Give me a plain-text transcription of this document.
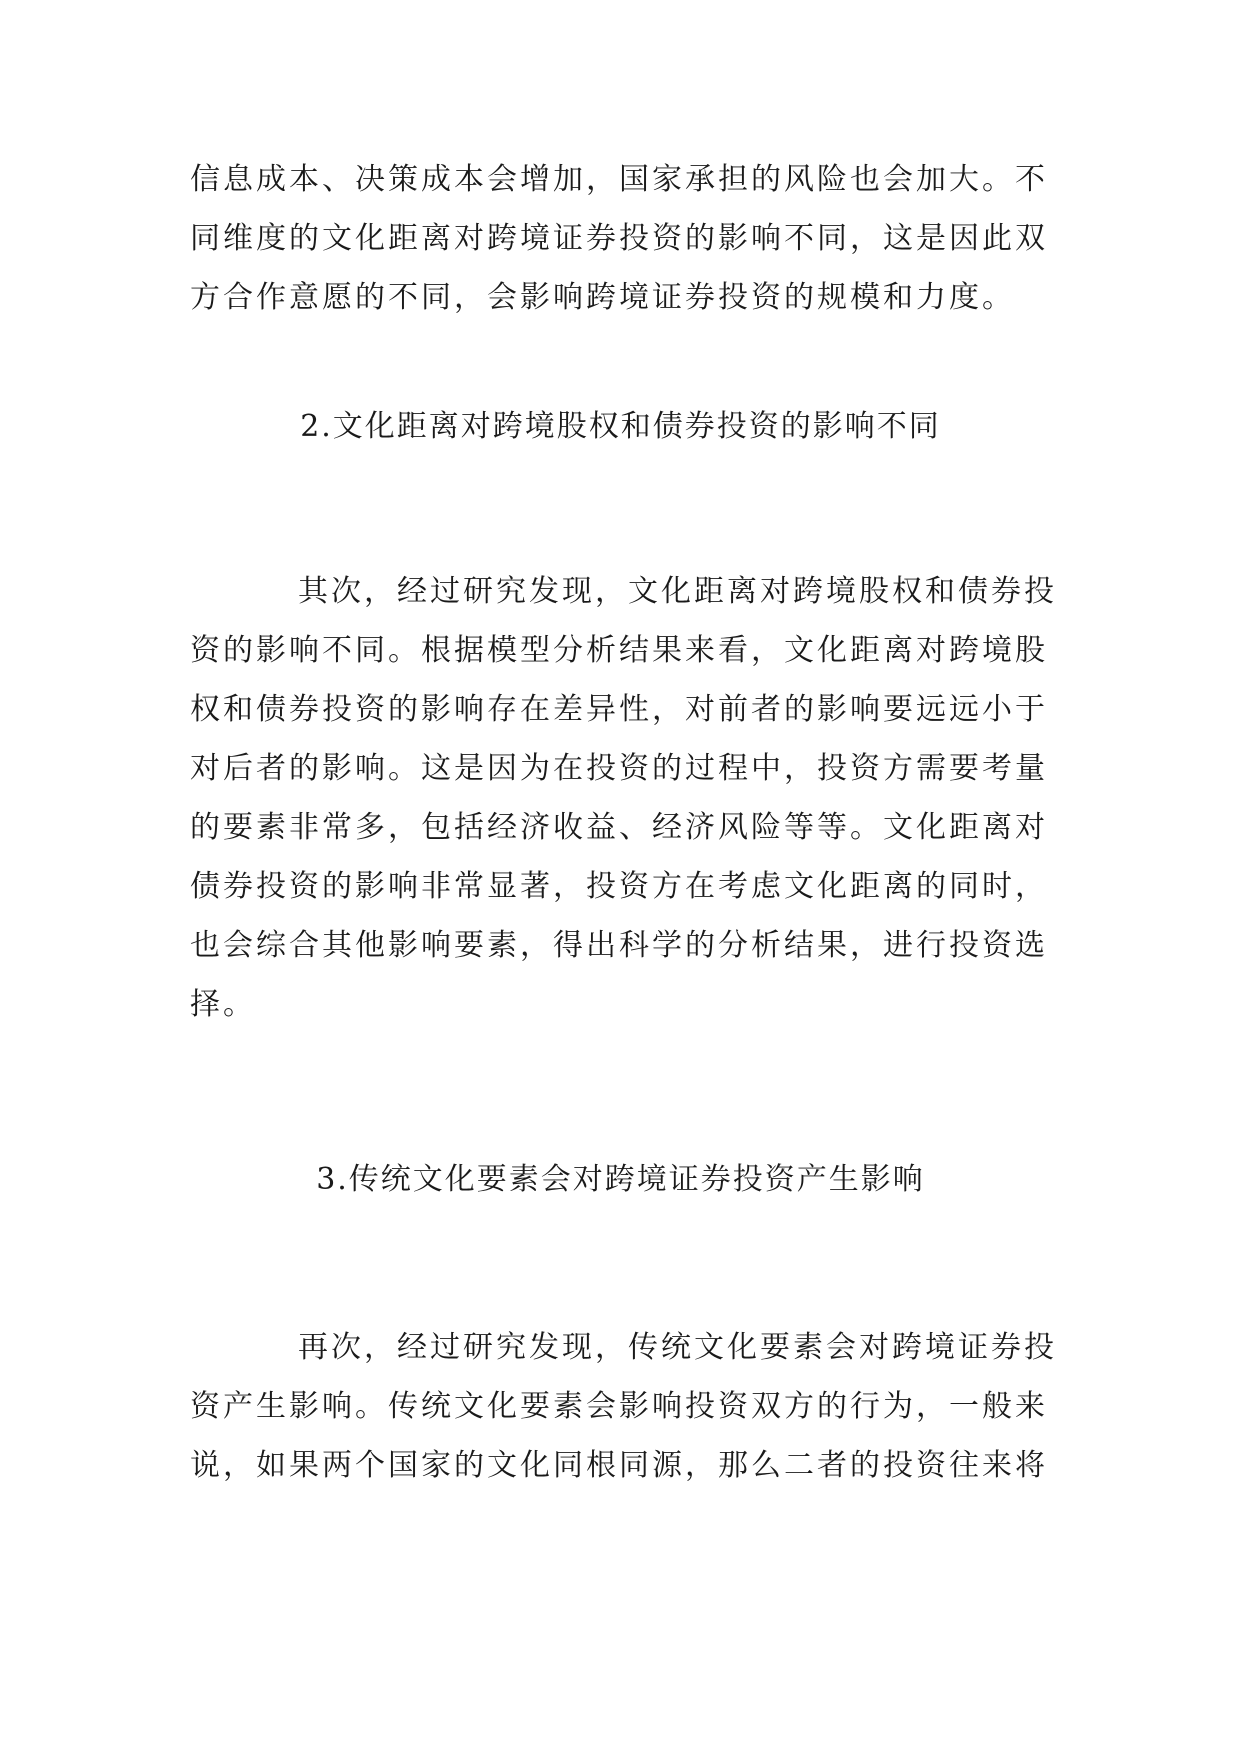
信息成本、决策成本会增加，国家承担的风险也会加大。不
同维度的文化距离对跨境证券投资的影响不同，这是因此双
方合作意愿的不同，会影响跨境证券投资的规模和力度。
2.文化距离对跨境股权和债券投资的影响不同
其次，经过研究发现，文化距离对跨境股权和债券投
资的影响不同。根据模型分析结果来看，文化距离对跨境股
权和债券投资的影响存在差异性，对前者的影响要远远小于
对后者的影响。这是因为在投资的过程中，投资方需要考量
的要素非常多，包括经济收益、经济风险等等。文化距离对
债券投资的影响非常显著，投资方在考虑文化距离的同时，
也会综合其他影响要素，得出科学的分析结果，进行投资选
择。
3.传统文化要素会对跨境证券投资产生影响
再次，经过研究发现，传统文化要素会对跨境证券投
资产生影响。传统文化要素会影响投资双方的行为，一般来
说，如果两个国家的文化同根同源，那么二者的投资往来将
